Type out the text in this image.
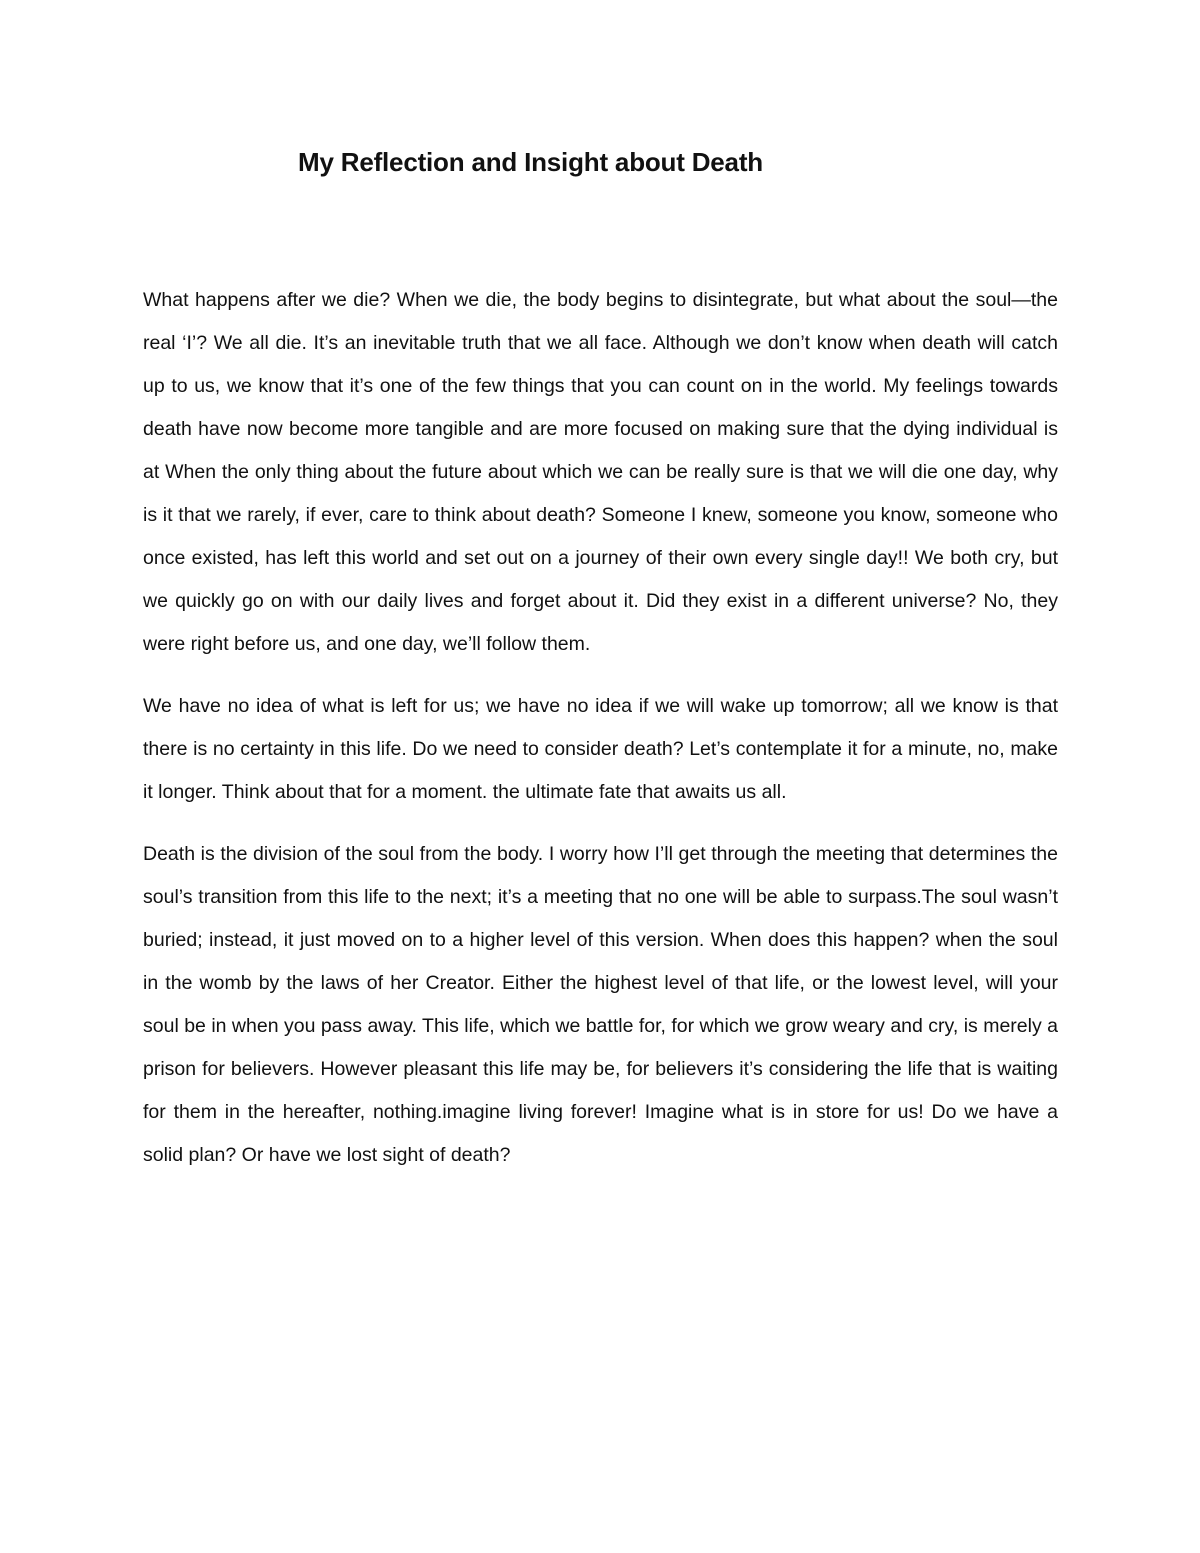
My Reflection and Insight about Death

What happens after we die? When we die, the body begins to disintegrate, but what about the soul—the real ‘I’? We all die. It’s an inevitable truth that we all face. Although we don’t know when death will catch up to us, we know that it’s one of the few things that you can count on in the world. My feelings towards death have now become more tangible and are more focused on making sure that the dying individual is at When the only thing about the future about which we can be really sure is that we will die one day, why is it that we rarely, if ever, care to think about death? Someone I knew, someone you know, someone who once existed, has left this world and set out on a journey of their own every single day!! We both cry, but we quickly go on with our daily lives and forget about it. Did they exist in a different universe? No, they were right before us, and one day, we’ll follow them.

We have no idea of what is left for us; we have no idea if we will wake up tomorrow; all we know is that there is no certainty in this life. Do we need to consider death? Let’s contemplate it for a minute, no, make it longer. Think about that for a moment. the ultimate fate that awaits us all.

Death is the division of the soul from the body. I worry how I’ll get through the meeting that determines the soul’s transition from this life to the next; it’s a meeting that no one will be able to surpass.The soul wasn’t buried; instead, it just moved on to a higher level of this version. When does this happen? when the soul in the womb by the laws of her Creator. Either the highest level of that life, or the lowest level, will your soul be in when you pass away. This life, which we battle for, for which we grow weary and cry, is merely a prison for believers. However pleasant this life may be, for believers it’s considering the life that is waiting for them in the hereafter, nothing.imagine living forever! Imagine what is in store for us! Do we have a solid plan? Or have we lost sight of death?
